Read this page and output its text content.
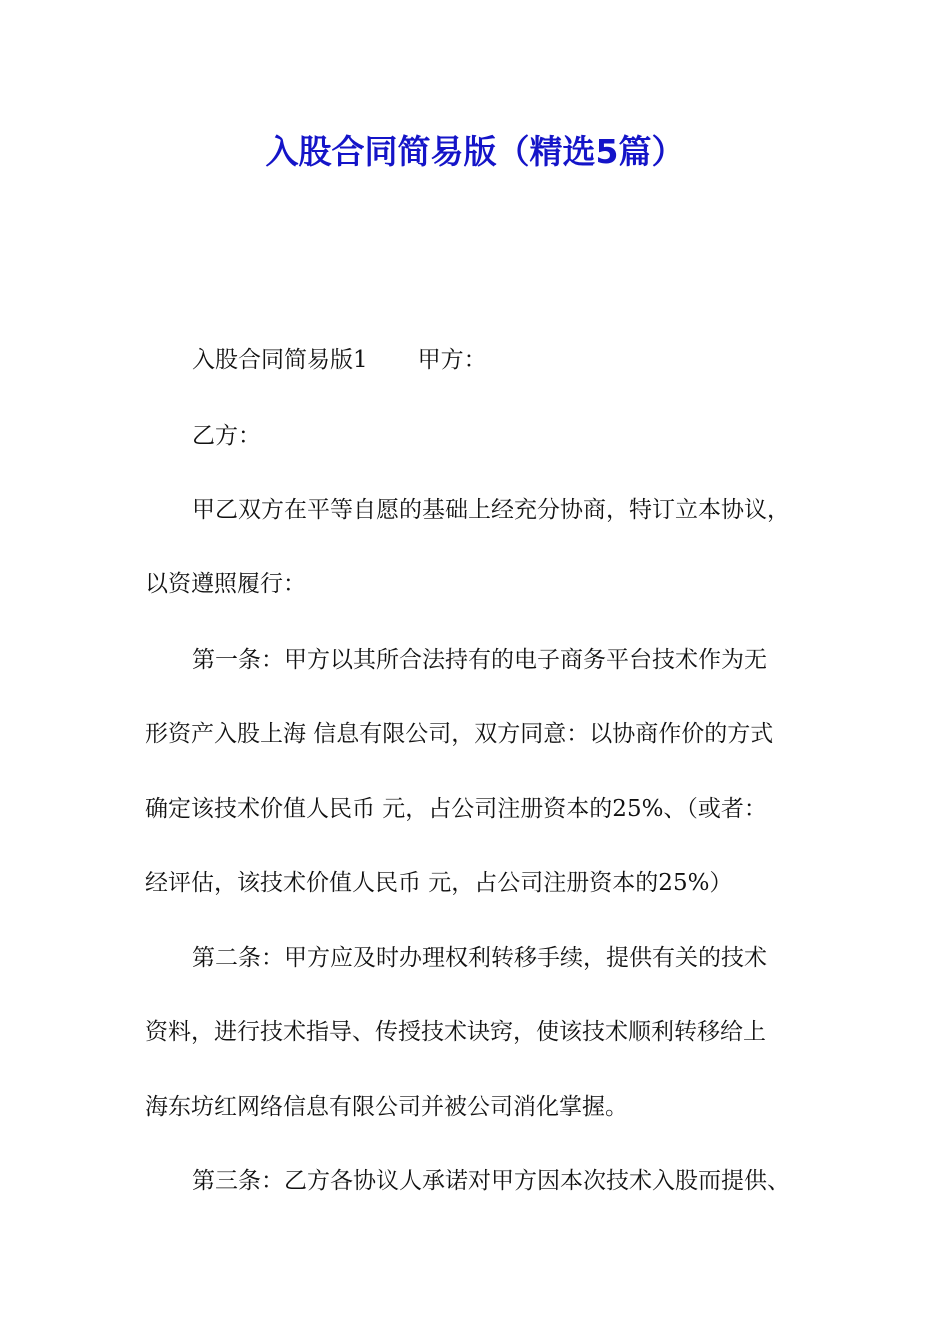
入股合同简易版（精选5篇）

入股合同简易版1 甲方：

乙方：

甲乙双方在平等自愿的基础上经充分协商，特订立本协议，

以资遵照履行：

第一条：甲方以其所合法持有的电子商务平台技术作为无

形资产入股上海 信息有限公司，双方同意：以协商作价的方式

确定该技术价值人民币 元，占公司注册资本的25%、（或者：

经评估，该技术价值人民币 元，占公司注册资本的25%）

第二条：甲方应及时办理权利转移手续，提供有关的技术

资料，进行技术指导、传授技术诀窍，使该技术顺利转移给上

海东坊红网络信息有限公司并被公司消化掌握。

第三条：乙方各协议人承诺对甲方因本次技术入股而提供、
